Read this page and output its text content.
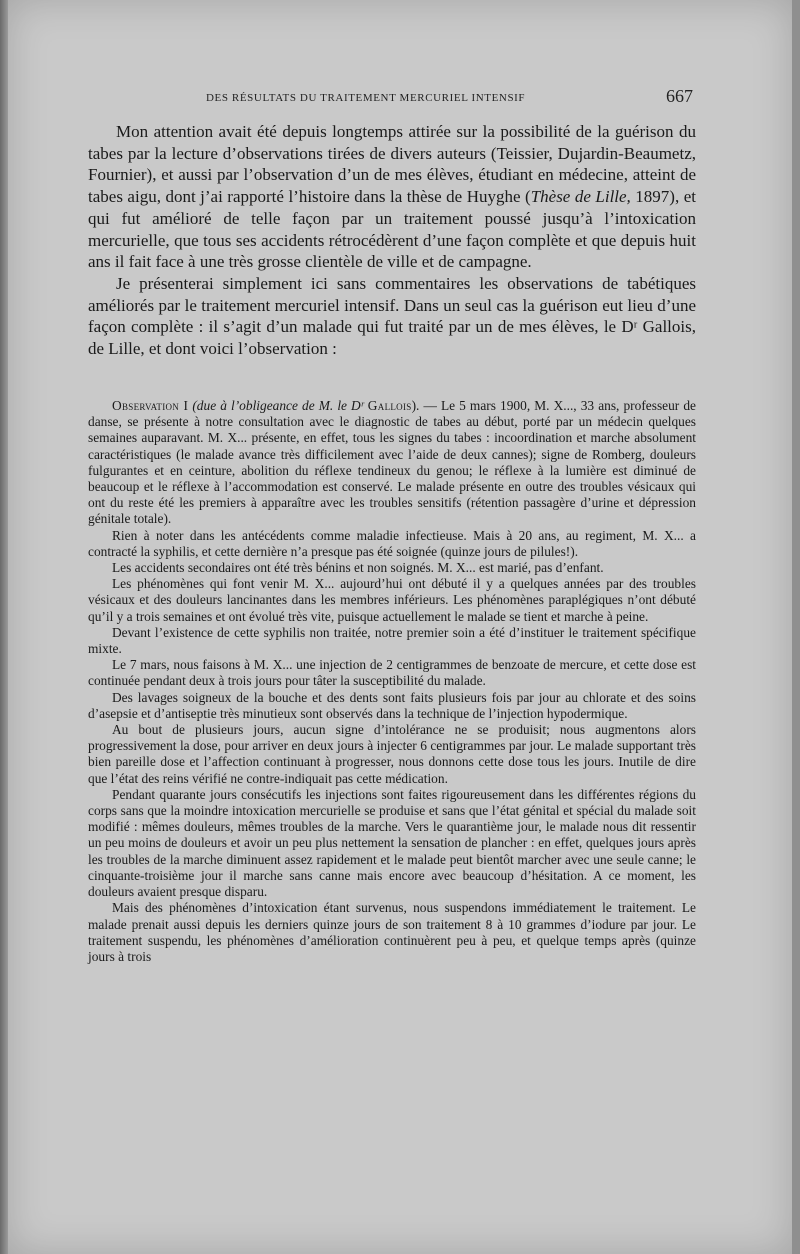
DES RÉSULTATS DU TRAITEMENT MERCURIEL INTENSIF	667

Mon attention avait été depuis longtemps attirée sur la possibilité de la guérison du tabes par la lecture d’observations tirées de divers auteurs (Teissier, Dujardin-Beaumetz, Fournier), et aussi par l’observation d’un de mes élèves, étudiant en médecine, atteint de tabes aigu, dont j’ai rapporté l’histoire dans la thèse de Huyghe (Thèse de Lille, 1897), et qui fut amélioré de telle façon par un traitement poussé jusqu’à l’intoxication mercurielle, que tous ses accidents rétrocédèrent d’une façon complète et que depuis huit ans il fait face à une très grosse clientèle de ville et de campagne.

Je présenterai simplement ici sans commentaires les observations de tabétiques améliorés par le traitement mercuriel intensif. Dans un seul cas la guérison eut lieu d’une façon complète : il s’agit d’un malade qui fut traité par un de mes élèves, le Dʳ Gallois, de Lille, et dont voici l’observation :

Observation I (due à l’obligeance de M. le Dʳ Gallois). — Le 5 mars 1900, M. X..., 33 ans, professeur de danse, se présente à notre consultation avec le diagnostic de tabes au début, porté par un médecin quelques semaines auparavant. M. X... présente, en effet, tous les signes du tabes : incoordination et marche absolument caractéristiques (le malade avance très difficilement avec l’aide de deux cannes); signe de Romberg, douleurs fulgurantes et en ceinture, abolition du réflexe tendineux du genou; le réflexe à la lumière est diminué de beaucoup et le réflexe à l’accommodation est conservé. Le malade présente en outre des troubles vésicaux qui ont du reste été les premiers à apparaître avec les troubles sensitifs (rétention passagère d’urine et dépression génitale totale).

Rien à noter dans les antécédents comme maladie infectieuse. Mais à 20 ans, au regiment, M. X... a contracté la syphilis, et cette dernière n’a presque pas été soignée (quinze jours de pilules!).

Les accidents secondaires ont été très bénins et non soignés. M. X... est marié, pas d’enfant.

Les phénomènes qui font venir M. X... aujourd’hui ont débuté il y a quelques années par des troubles vésicaux et des douleurs lancinantes dans les membres inférieurs. Les phénomènes paraplégiques n’ont débuté qu’il y a trois semaines et ont évolué très vite, puisque actuellement le malade se tient et marche à peine.

Devant l’existence de cette syphilis non traitée, notre premier soin a été d’instituer le traitement spécifique mixte.

Le 7 mars, nous faisons à M. X... une injection de 2 centigrammes de benzoate de mercure, et cette dose est continuée pendant deux à trois jours pour tâter la susceptibilité du malade.

Des lavages soigneux de la bouche et des dents sont faits plusieurs fois par jour au chlorate et des soins d’asepsie et d’antiseptie très minutieux sont observés dans la technique de l’injection hypodermique.

Au bout de plusieurs jours, aucun signe d’intolérance ne se produisit; nous augmentons alors progressivement la dose, pour arriver en deux jours à injecter 6 centigrammes par jour. Le malade supportant très bien pareille dose et l’affection continuant à progresser, nous donnons cette dose tous les jours. Inutile de dire que l’état des reins vérifié ne contre-indiquait pas cette médication.

Pendant quarante jours consécutifs les injections sont faites rigoureusement dans les différentes régions du corps sans que la moindre intoxication mercurielle se produise et sans que l’état génital et spécial du malade soit modifié : mêmes douleurs, mêmes troubles de la marche. Vers le quarantième jour, le malade nous dit ressentir un peu moins de douleurs et avoir un peu plus nettement la sensation de plancher : en effet, quelques jours après les troubles de la marche diminuent assez rapidement et le malade peut bientôt marcher avec une seule canne; le cinquante-troisième jour il marche sans canne mais encore avec beaucoup d’hésitation. A ce moment, les douleurs avaient presque disparu.

Mais des phénomènes d’intoxication étant survenus, nous suspendons immédiatement le traitement. Le malade prenait aussi depuis les derniers quinze jours de son traitement 8 à 10 grammes d’iodure par jour. Le traitement suspendu, les phénomènes d’amélioration continuèrent peu à peu, et quelque temps après (quinze jours à trois
